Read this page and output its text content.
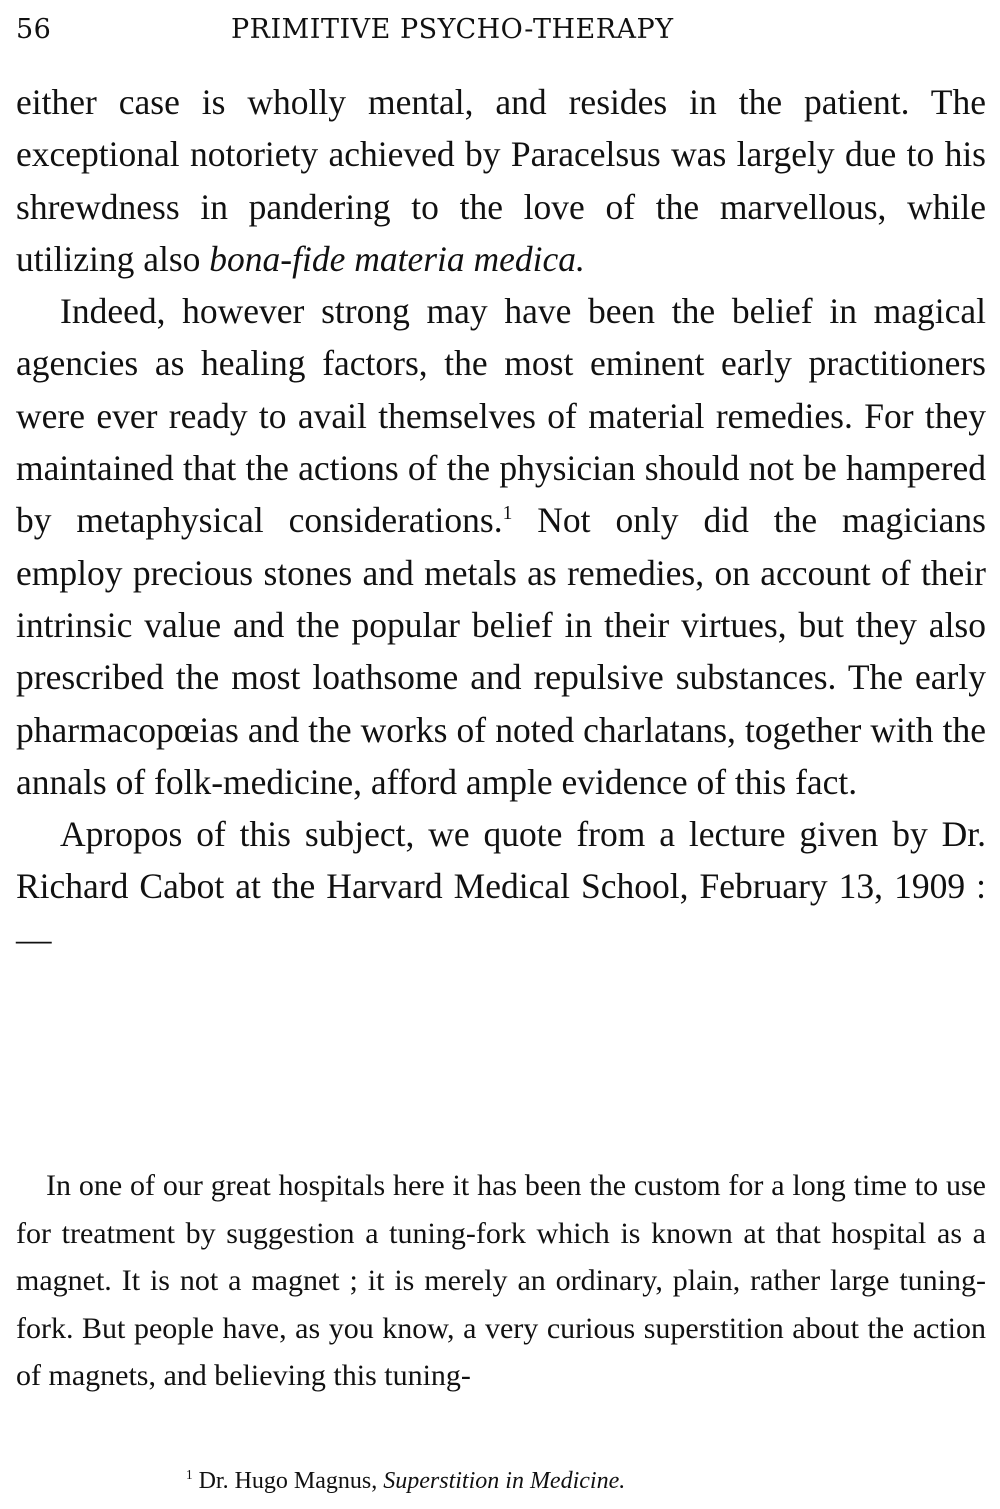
56	PRIMITIVE PSYCHO-THERAPY

either case is wholly mental, and resides in the patient. The exceptional notoriety achieved by Paracelsus was largely due to his shrewdness in pandering to the love of the marvellous, while utilizing also bona-fide materia medica.

Indeed, however strong may have been the belief in magical agencies as healing factors, the most eminent early practitioners were ever ready to avail themselves of material remedies. For they maintained that the actions of the physician should not be hampered by metaphysical considerations.$^1$ Not only did the magicians employ precious stones and metals as remedies, on account of their intrinsic value and the popular belief in their virtues, but they also prescribed the most loathsome and repulsive substances. The early pharmacopœias and the works of noted charlatans, together with the annals of folk-medicine, afford ample evidence of this fact.

Apropos of this subject, we quote from a lecture given by Dr. Richard Cabot at the Harvard Medical School, February 13, 1909 :—

In one of our great hospitals here it has been the custom for a long time to use for treatment by suggestion a tuning-fork which is known at that hospital as a magnet. It is not a magnet ; it is merely an ordinary, plain, rather large tuning-fork. But people have, as you know, a very curious superstition about the action of magnets, and believing this tuning-

$^1$ Dr. Hugo Magnus, Superstition in Medicine.
